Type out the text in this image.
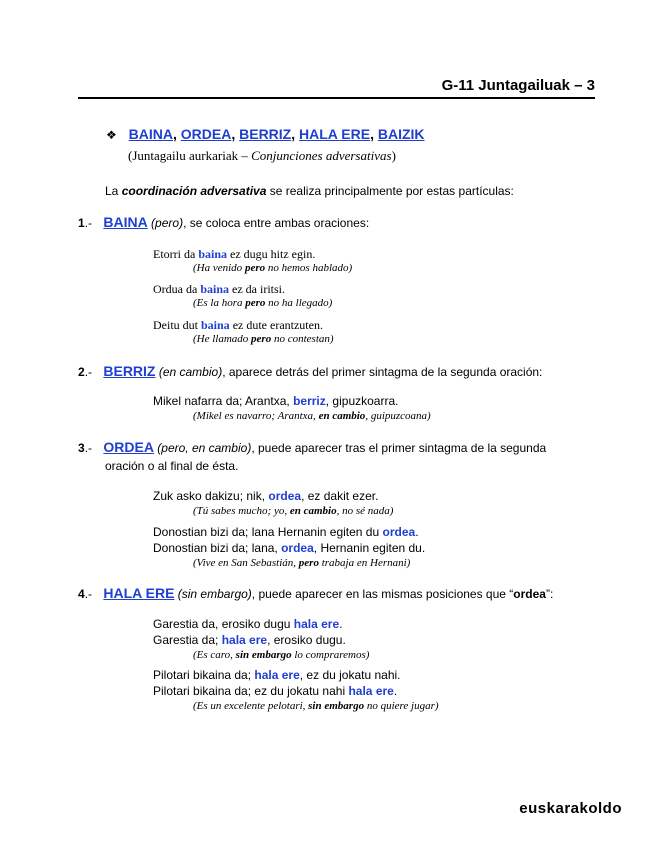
G-11 Juntagailuak – 3
❖ BAINA, ORDEA, BERRIZ, HALA ERE, BAIZIK
(Juntagailu aurkariak – Conjunciones adversativas)
La coordinación adversativa se realiza principalmente por estas partículas:
1.- BAINA (pero), se coloca entre ambas oraciones:
Etorri da baina ez dugu hitz egin.
(Ha venido pero no hemos hablado)
Ordua da baina ez da iritsi.
(Es la hora pero no ha llegado)
Deitu dut baina ez dute erantzuten.
(He llamado pero no contestan)
2.- BERRIZ (en cambio), aparece detrás del primer sintagma de la segunda oración:
Mikel nafarra da; Arantxa, berriz, gipuzkoarra.
(Mikel es navarro; Arantxa, en cambio, guipuzcoana)
3.- ORDEA (pero, en cambio), puede aparecer tras el primer sintagma de la segunda
oración o al final de ésta.
Zuk asko dakizu; nik, ordea, ez dakit ezer.
(Tú sabes mucho; yo, en cambio, no sé nada)
Donostian bizi da; lana Hernanin egiten du ordea.
Donostian bizi da; lana, ordea, Hernanin egiten du.
(Vive en San Sebastián, pero trabaja en Hernani)
4.- HALA ERE (sin embargo), puede aparecer en las mismas posiciones que “ordea”:
Garestia da, erosiko dugu hala ere.
Garestia da; hala ere, erosiko dugu.
(Es caro, sin embargo lo compraremos)
Pilotari bikaina da; hala ere, ez du jokatu nahi.
Pilotari bikaina da; ez du jokatu nahi hala ere.
(Es un excelente pelotari, sin embargo no quiere jugar)
euskarakoldo
